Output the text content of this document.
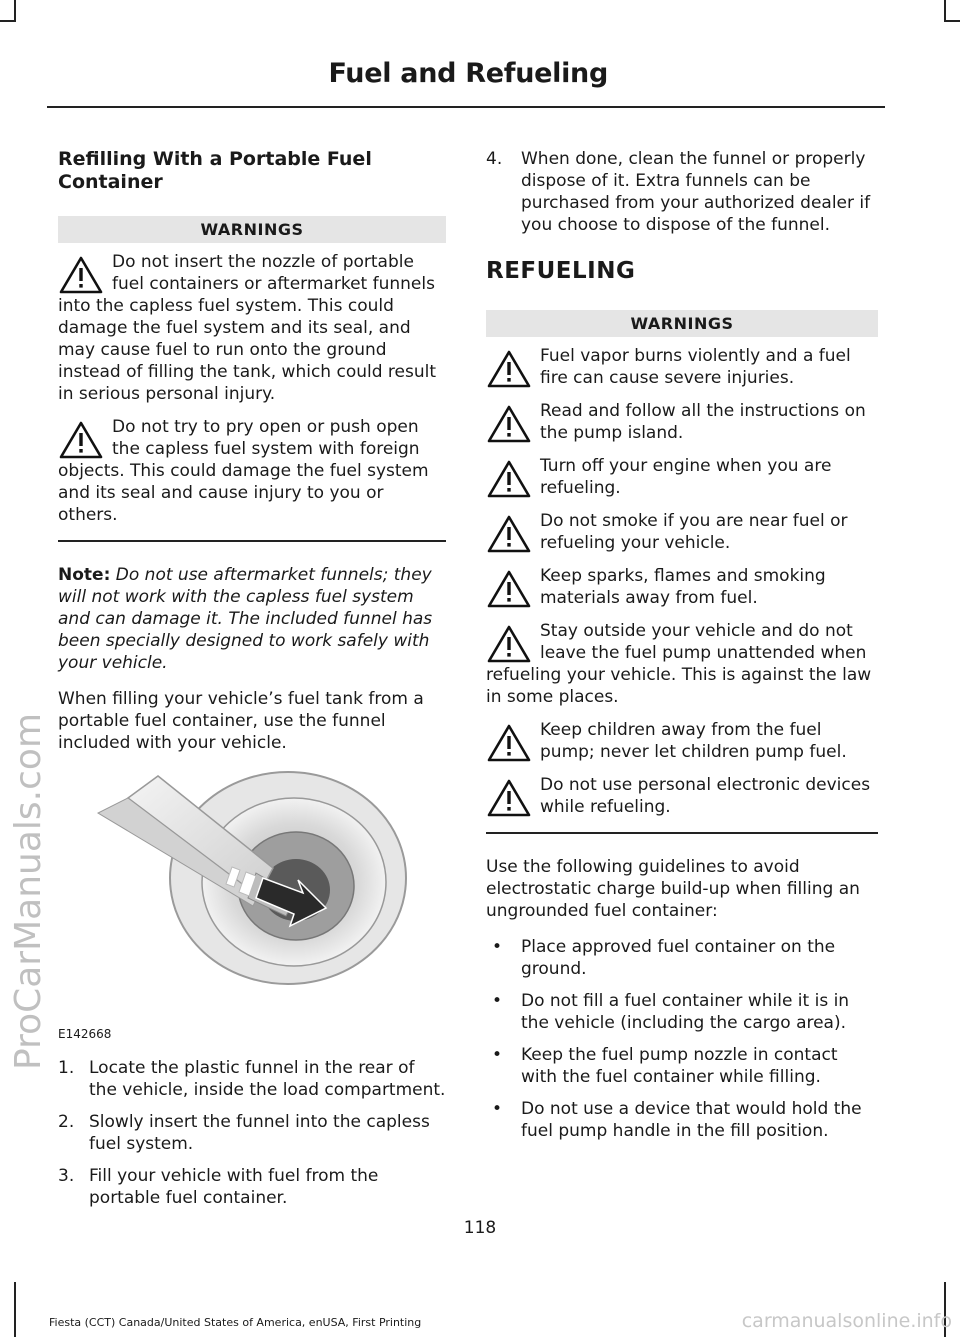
Fuel and Refueling
Refilling With a Portable Fuel Container
WARNINGS
Do not insert the nozzle of portable fuel containers or aftermarket funnels into the capless fuel system. This could damage the fuel system and its seal, and may cause fuel to run onto the ground instead of filling the tank, which could result in serious personal injury.
Do not try to pry open or push open the capless fuel system with foreign objects. This could damage the fuel system and its seal and cause injury to you or others.

Note: Do not use aftermarket funnels; they will not work with the capless fuel system and can damage it. The included funnel has been specially designed to work safely with your vehicle.

When filling your vehicle’s fuel tank from a portable fuel container, use the funnel included with your vehicle.

E142668
1. Locate the plastic funnel in the rear of the vehicle, inside the load compartment.
2. Slowly insert the funnel into the capless fuel system.
3. Fill your vehicle with fuel from the portable fuel container.
4. When done, clean the funnel or properly dispose of it. Extra funnels can be purchased from your authorized dealer if you choose to dispose of the funnel.
REFUELING
WARNINGS
Fuel vapor burns violently and a fuel fire can cause severe injuries.
Read and follow all the instructions on the pump island.
Turn off your engine when you are refueling.
Do not smoke if you are near fuel or refueling your vehicle.
Keep sparks, flames and smoking materials away from fuel.
Stay outside your vehicle and do not leave the fuel pump unattended when refueling your vehicle. This is against the law in some places.
Keep children away from the fuel pump; never let children pump fuel.
Do not use personal electronic devices while refueling.

Use the following guidelines to avoid electrostatic charge build-up when filling an ungrounded fuel container:

• Place approved fuel container on the ground.
• Do not fill a fuel container while it is in the vehicle (including the cargo area).
• Keep the fuel pump nozzle in contact with the fuel container while filling.
• Do not use a device that would hold the fuel pump handle in the fill position.
118
Fiesta (CCT) Canada/United States of America, enUSA, First Printing
ProCarManuals.com
carmanualsonline.info
